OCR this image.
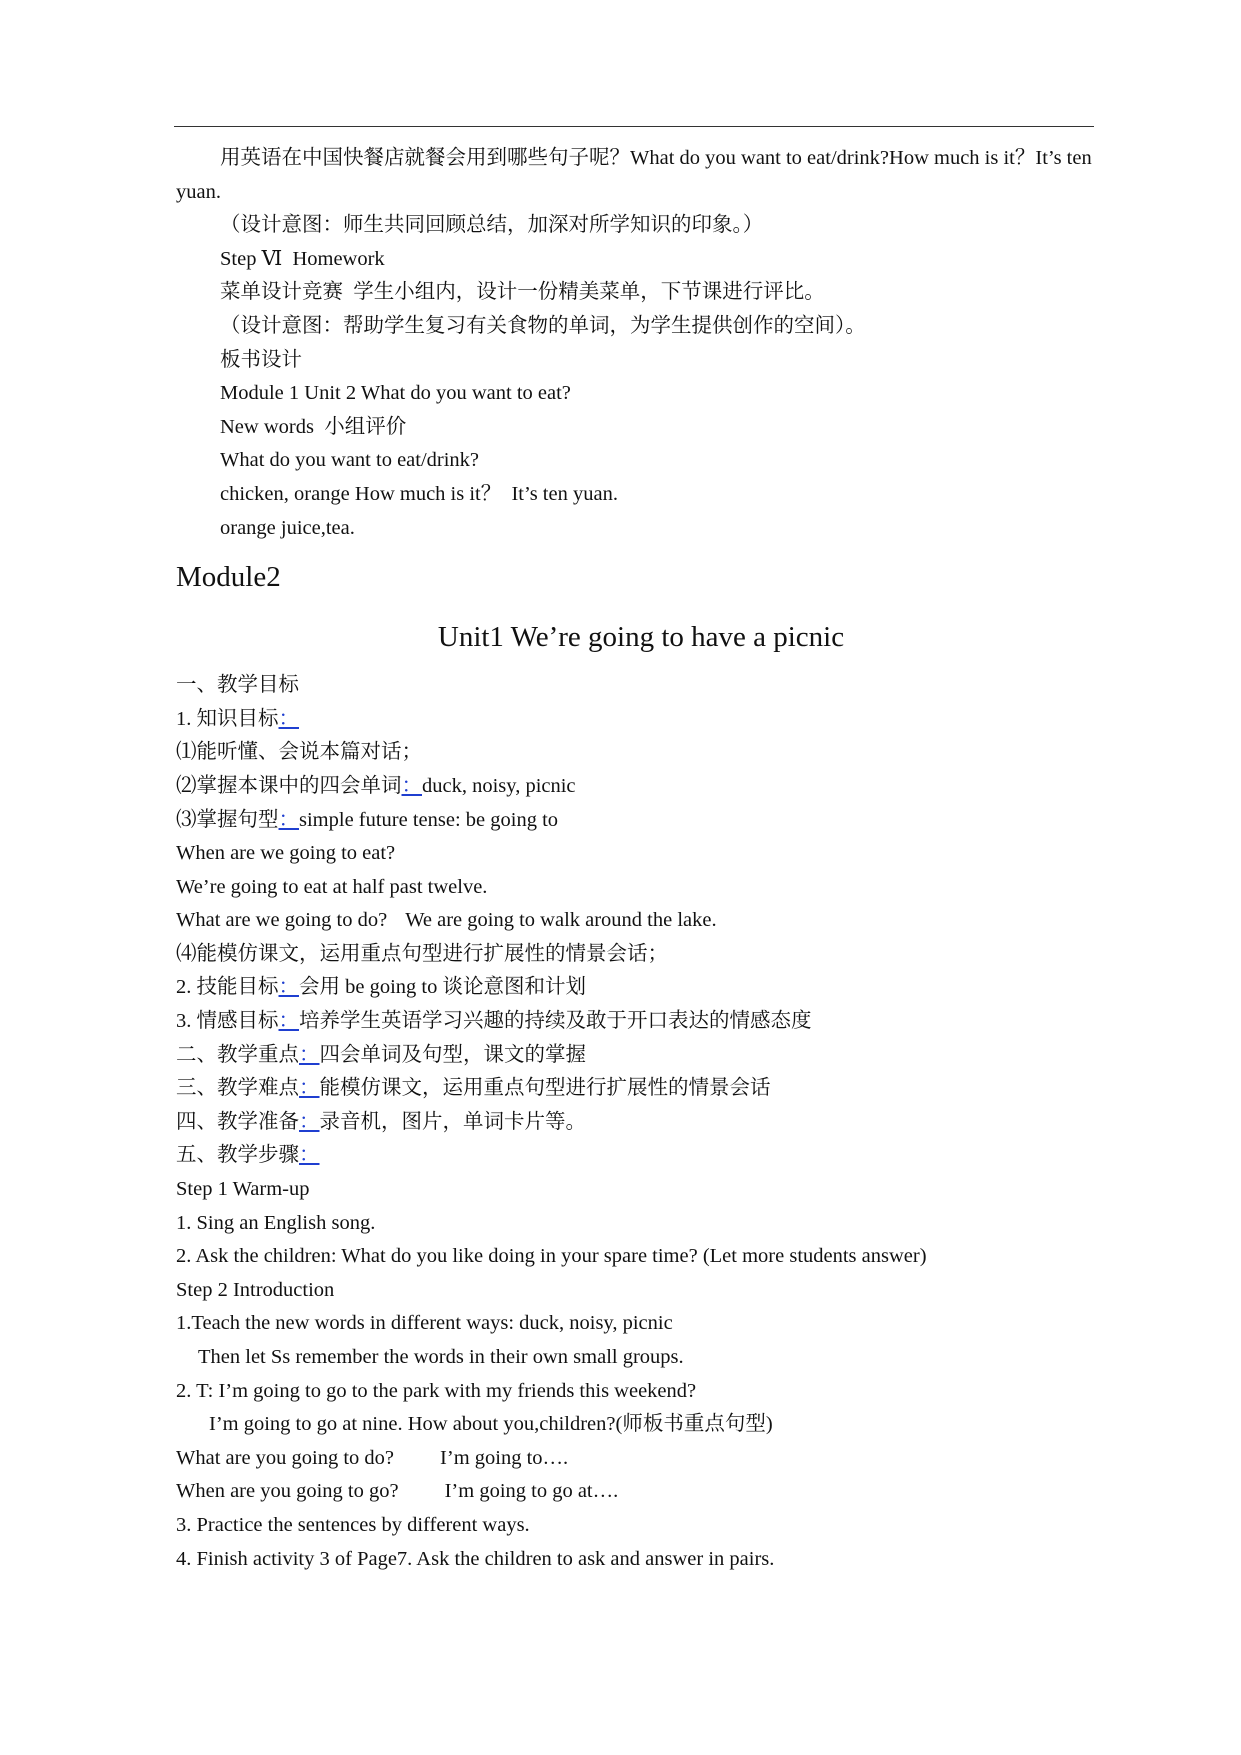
用英语在中国快餐店就餐会用到哪些句子呢？What do you want to eat/drink?How much is it？It’s ten yuan.
（设计意图：师生共同回顾总结，加深对所学知识的印象。）
Step Ⅵ  Homework
菜单设计竞赛  学生小组内，设计一份精美菜单，下节课进行评比。
（设计意图：帮助学生复习有关食物的单词，为学生提供创作的空间）。
板书设计
Module 1 Unit 2 What do you want to eat?
New words  小组评价
What do you want to eat/drink?
chicken, orange How much is it？  It’s ten yuan.
orange juice,tea.
Module2
Unit1 We’re going to have a picnic
一、教学目标
1. 知识目标：
⑴能听懂、会说本篇对话；
⑵掌握本课中的四会单词：duck, noisy, picnic
⑶掌握句型：simple future tense: be going to
When are we going to eat?
We’re going to eat at half past twelve.
What are we going to do? We are going to walk around the lake.
⑷能模仿课文，运用重点句型进行扩展性的情景会话；
2. 技能目标：会用 be going to 谈论意图和计划
3. 情感目标：培养学生英语学习兴趣的持续及敢于开口表达的情感态度
二、教学重点：四会单词及句型，课文的掌握
三、教学难点：能模仿课文，运用重点句型进行扩展性的情景会话
四、教学准备：录音机，图片，单词卡片等。
五、教学步骤：
Step 1 Warm-up
1. Sing an English song.
2. Ask the children: What do you like doing in your spare time? (Let more students answer)
Step 2 Introduction
1.Teach the new words in different ways: duck, noisy, picnic
Then let Ss remember the words in their own small groups.
2. T: I’m going to go to the park with my friends this weekend?
I’m going to go at nine. How about you,children?(师板书重点句型)
What are you going to do? I’m going to….
When are you going to go? I’m going to go at….
3. Practice the sentences by different ways.
4. Finish activity 3 of Page7. Ask the children to ask and answer in pairs.
